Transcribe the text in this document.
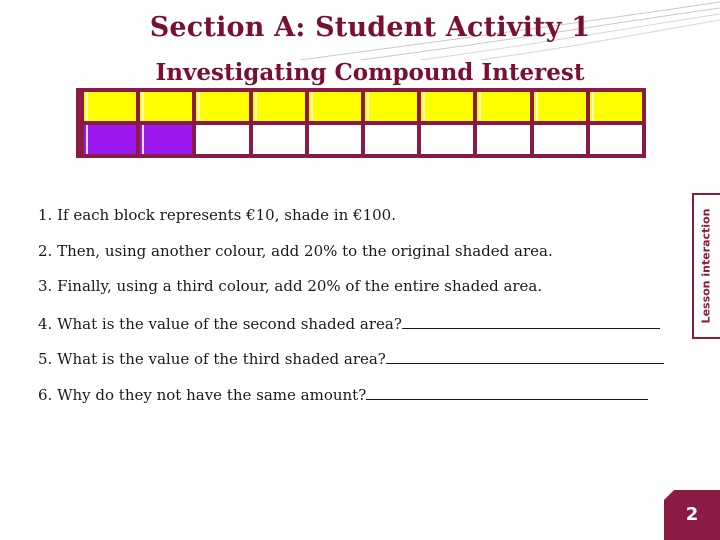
Section A: Student Activity 1
Investigating Compound Interest
Lesson interaction
1. If each block represents €10, shade in €100.
2. Then, using another colour, add 20% to the original shaded area.
3. Finally, using a third colour, add 20% of the entire shaded area.
4. What is the value of the second shaded area?
5. What is the value of the third shaded area?
6. Why do they not have the same amount?
2
